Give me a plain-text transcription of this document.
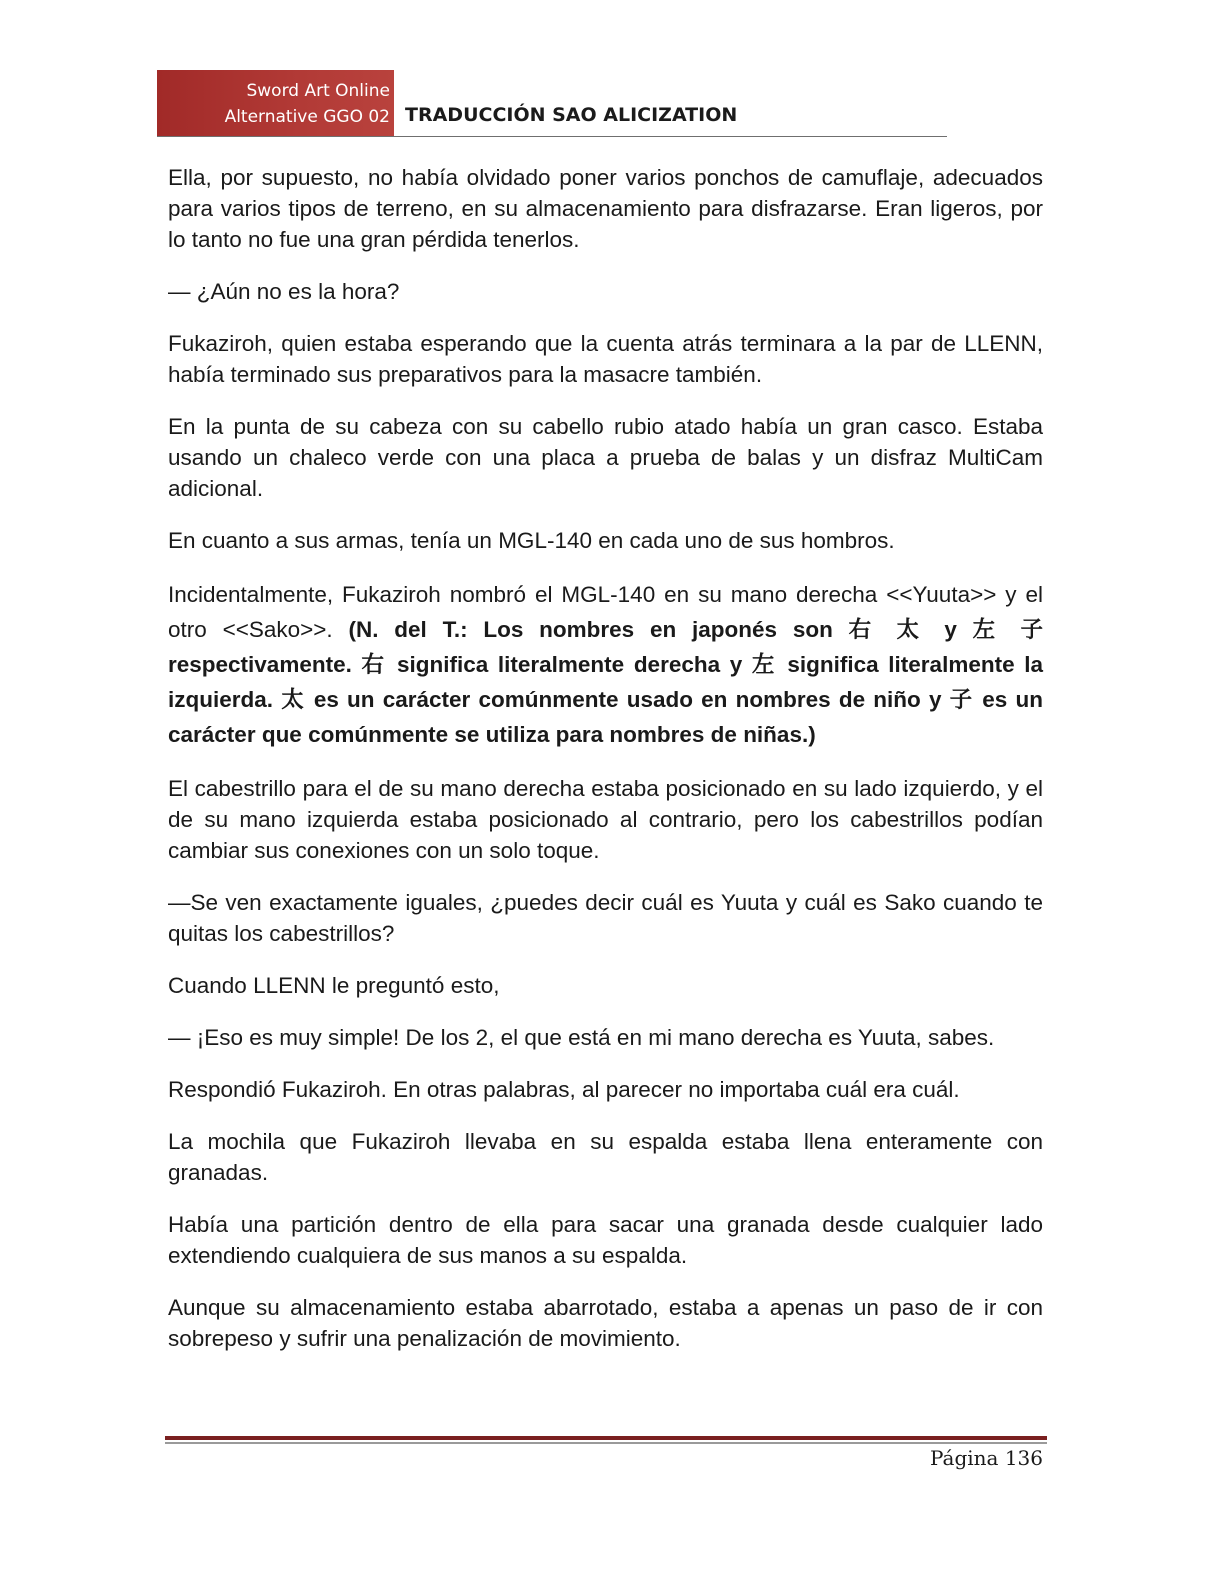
Sword Art Online
Alternative GGO 02 TRADUCCIÓN SAO ALICIZATION

Ella, por supuesto, no había olvidado poner varios ponchos de camuflaje, adecuados para varios tipos de terreno, en su almacenamiento para disfrazarse. Eran ligeros, por lo tanto no fue una gran pérdida tenerlos.

— ¿Aún no es la hora?

Fukaziroh, quien estaba esperando que la cuenta atrás terminara a la par de LLENN, había terminado sus preparativos para la masacre también.

En la punta de su cabeza con su cabello rubio atado había un gran casco. Estaba usando un chaleco verde con una placa a prueba de balas y un disfraz MultiCam adicional.

En cuanto a sus armas, tenía un MGL-140 en cada uno de sus hombros.

Incidentalmente, Fukaziroh nombró el MGL-140 en su mano derecha <<Yuuta>> y el otro <<Sako>>. (N. del T.: Los nombres en japonés son 右 太 y 左 子 respectivamente. 右 significa literalmente derecha y 左 significa literalmente la izquierda. 太 es un carácter comúnmente usado en nombres de niño y 子 es un carácter que comúnmente se utiliza para nombres de niñas.)

El cabestrillo para el de su mano derecha estaba posicionado en su lado izquierdo, y el de su mano izquierda estaba posicionado al contrario, pero los cabestrillos podían cambiar sus conexiones con un solo toque.

—Se ven exactamente iguales, ¿puedes decir cuál es Yuuta y cuál es Sako cuando te quitas los cabestrillos?

Cuando LLENN le preguntó esto,

— ¡Eso es muy simple! De los 2, el que está en mi mano derecha es Yuuta, sabes.

Respondió Fukaziroh. En otras palabras, al parecer no importaba cuál era cuál.

La mochila que Fukaziroh llevaba en su espalda estaba llena enteramente con granadas.

Había una partición dentro de ella para sacar una granada desde cualquier lado extendiendo cualquiera de sus manos a su espalda.

Aunque su almacenamiento estaba abarrotado, estaba a apenas un paso de ir con sobrepeso y sufrir una penalización de movimiento.

Página 136
